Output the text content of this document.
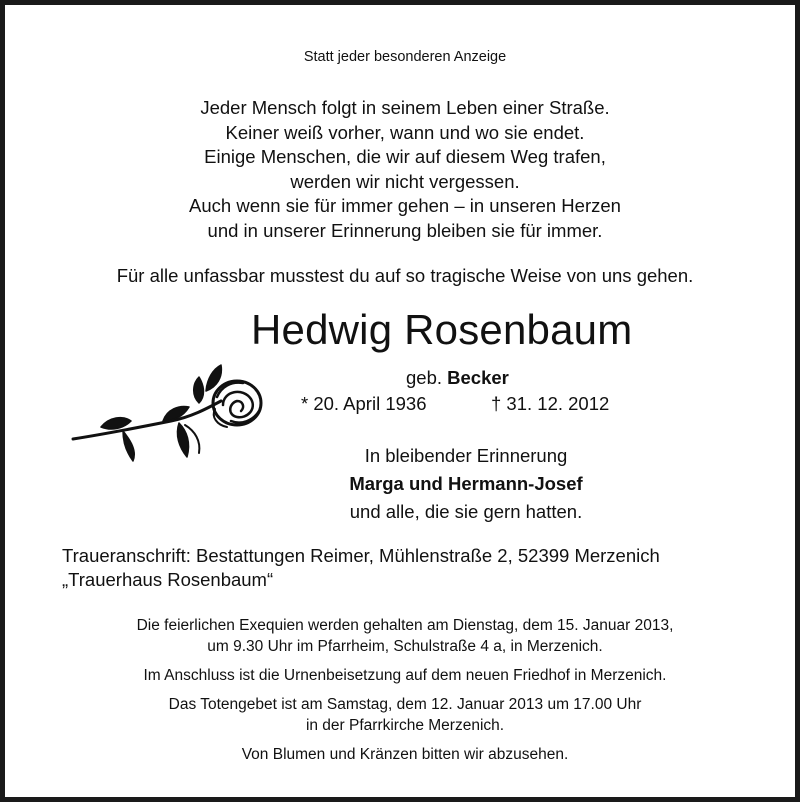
Statt jeder besonderen Anzeige
Jeder Mensch folgt in seinem Leben einer Straße.
Keiner weiß vorher, wann und wo sie endet.
Einige Menschen, die wir auf diesem Weg trafen,
werden wir nicht vergessen.
Auch wenn sie für immer gehen – in unseren Herzen
und in unserer Erinnerung bleiben sie für immer.
Für alle unfassbar musstest du auf so tragische Weise von uns gehen.
Hedwig Rosenbaum
geb. Becker
* 20. April 1936	† 31. 12. 2012
In bleibender Erinnerung
Marga und Hermann-Josef
und alle, die sie gern hatten.
Traueranschrift: Bestattungen Reimer, Mühlenstraße 2, 52399 Merzenich
„Trauerhaus Rosenbaum“
Die feierlichen Exequien werden gehalten am Dienstag, dem 15. Januar 2013,
um 9.30 Uhr im Pfarrheim, Schulstraße 4 a, in Merzenich.
Im Anschluss ist die Urnenbeisetzung auf dem neuen Friedhof in Merzenich.
Das Totengebet ist am Samstag, dem 12. Januar 2013 um 17.00 Uhr
in der Pfarrkirche Merzenich.
Von Blumen und Kränzen bitten wir abzusehen.
